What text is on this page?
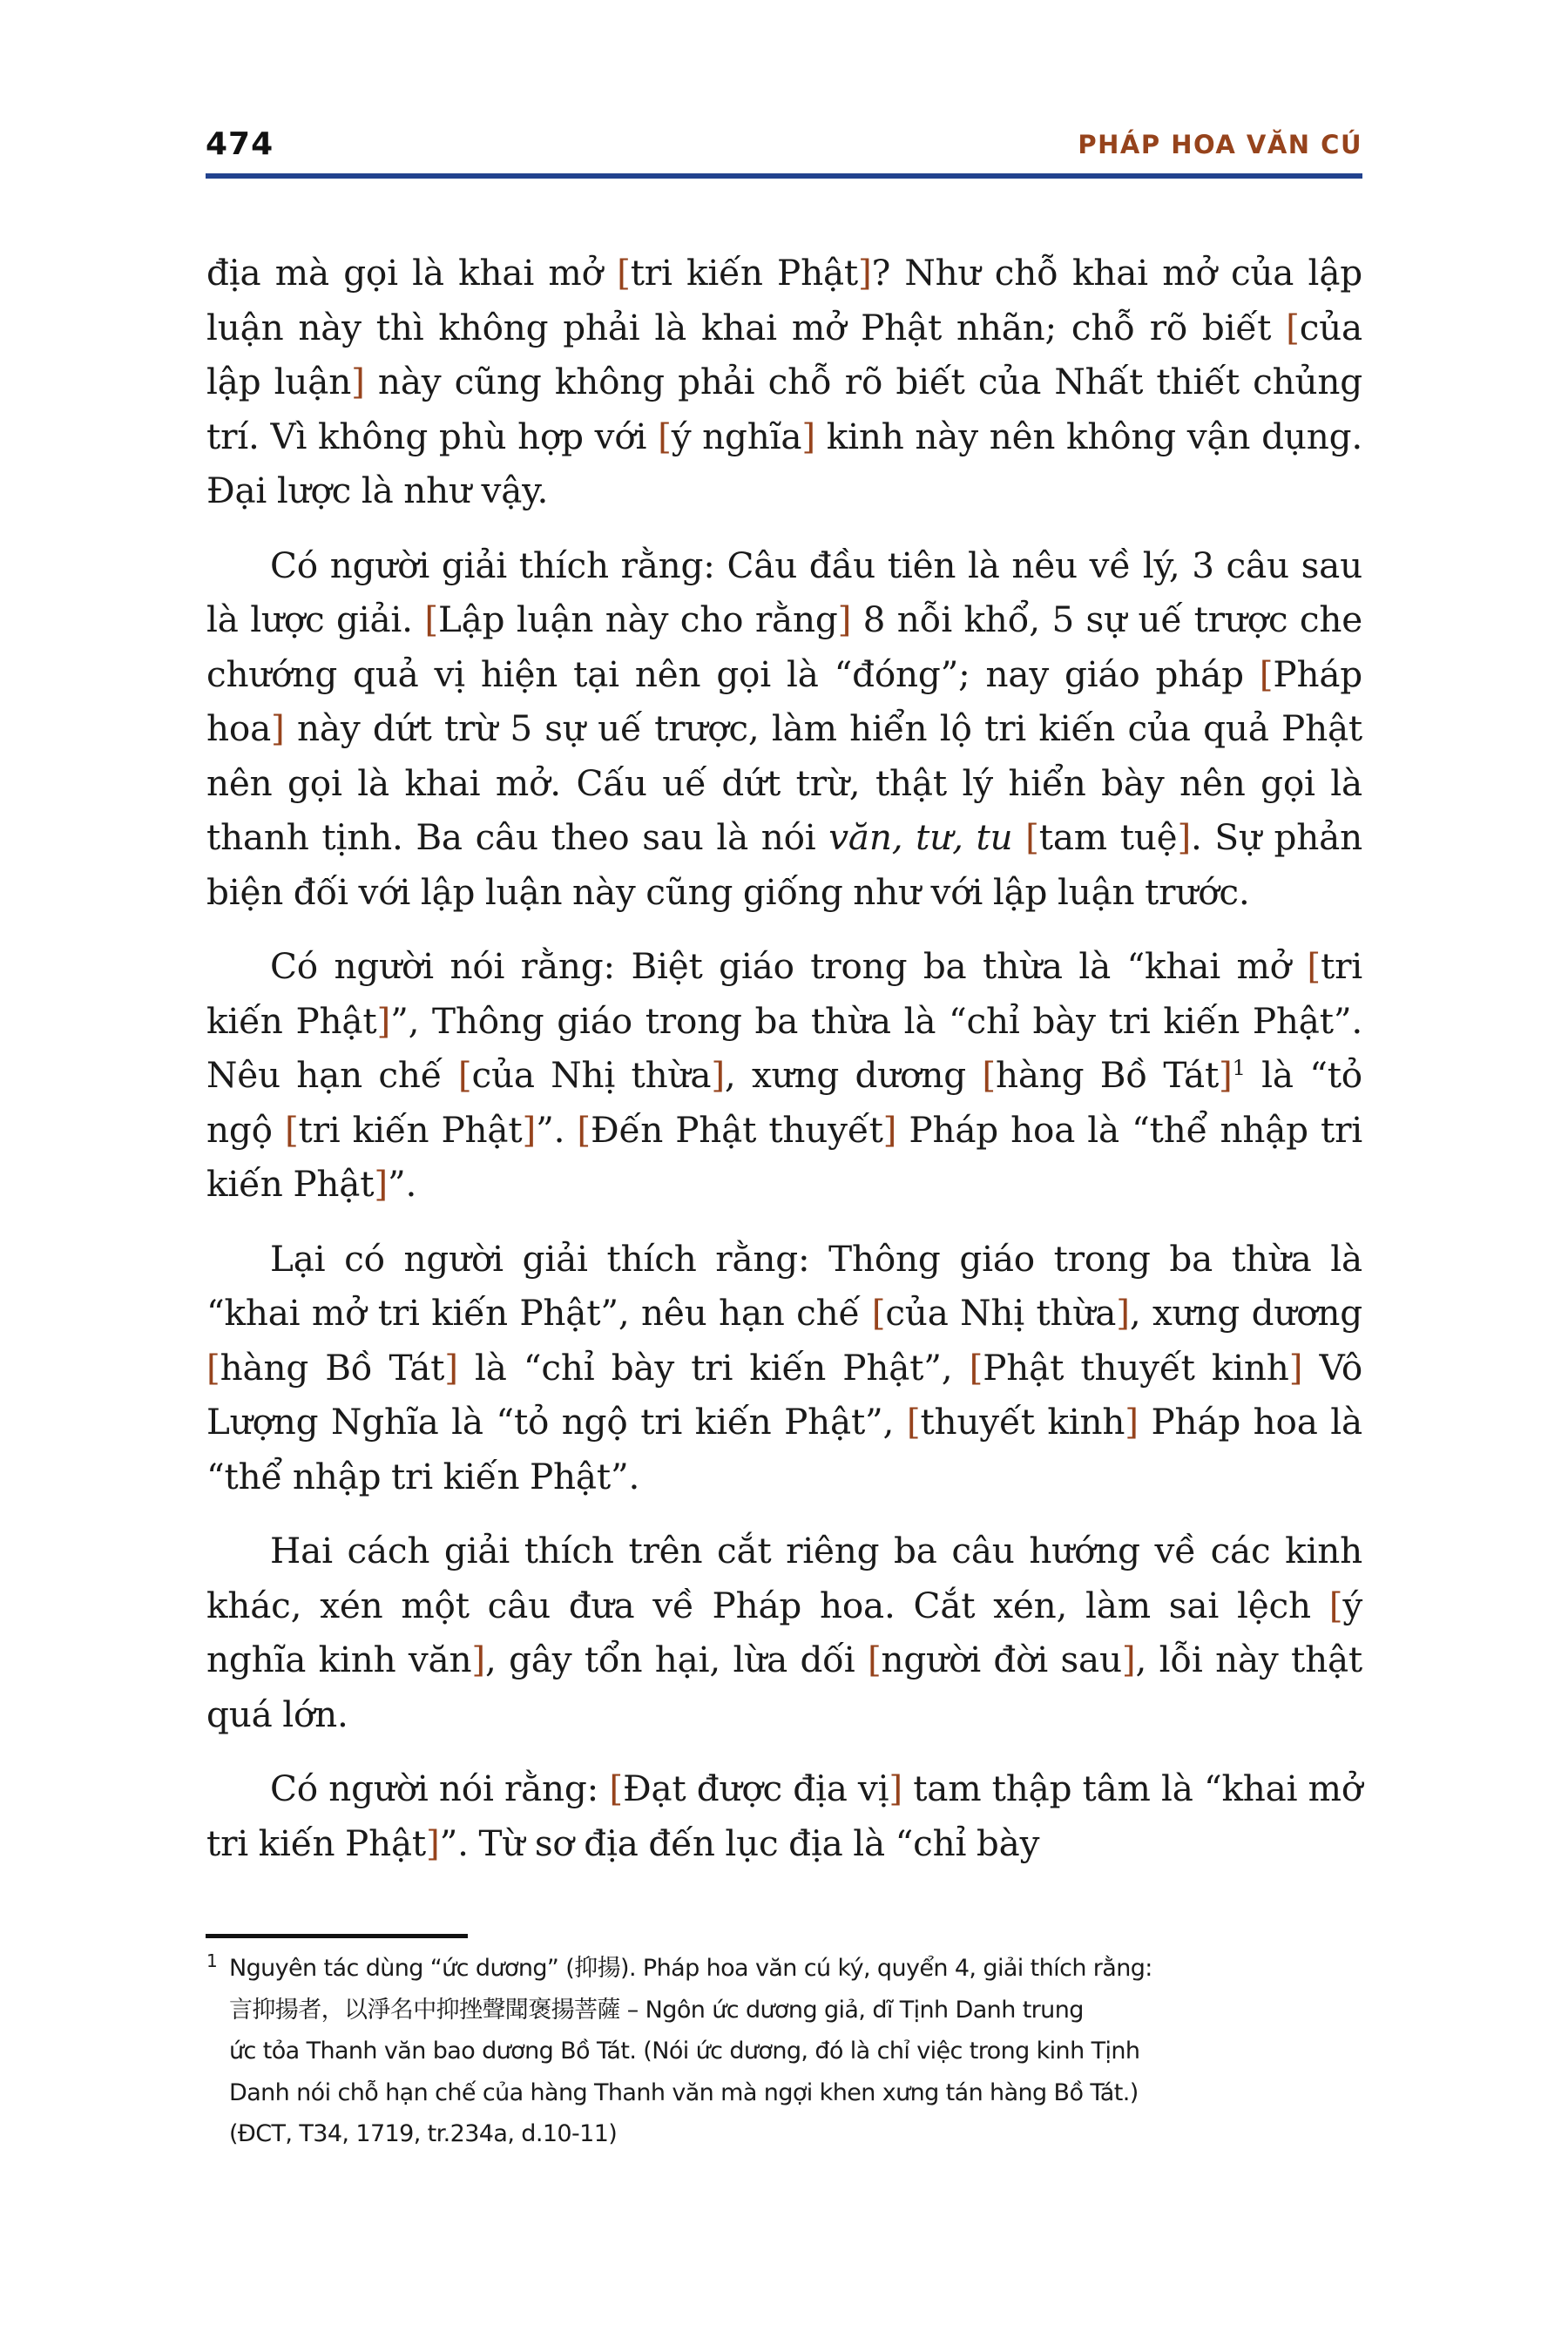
474	PHÁP HOA VĂN CÚ

địa mà gọi là khai mở [tri kiến Phật]? Như chỗ khai mở của lập luận này thì không phải là khai mở Phật nhãn; chỗ rõ biết [của lập luận] này cũng không phải chỗ rõ biết của Nhất thiết chủng trí. Vì không phù hợp với [ý nghĩa] kinh này nên không vận dụng. Đại lược là như vậy.

Có người giải thích rằng: Câu đầu tiên là nêu về lý, 3 câu sau là lược giải. [Lập luận này cho rằng] 8 nỗi khổ, 5 sự uế trược che chướng quả vị hiện tại nên gọi là “đóng”; nay giáo pháp [Pháp hoa] này dứt trừ 5 sự uế trược, làm hiển lộ tri kiến của quả Phật nên gọi là khai mở. Cấu uế dứt trừ, thật lý hiển bày nên gọi là thanh tịnh. Ba câu theo sau là nói văn, tư, tu [tam tuệ]. Sự phản biện đối với lập luận này cũng giống như với lập luận trước.

Có người nói rằng: Biệt giáo trong ba thừa là “khai mở [tri kiến Phật]”, Thông giáo trong ba thừa là “chỉ bày tri kiến Phật”. Nêu hạn chế [của Nhị thừa], xưng dương [hàng Bồ Tát]$^1$ là “tỏ ngộ [tri kiến Phật]”. [Đến Phật thuyết] Pháp hoa là “thể nhập tri kiến Phật]”.

Lại có người giải thích rằng: Thông giáo trong ba thừa là “khai mở tri kiến Phật”, nêu hạn chế [của Nhị thừa], xưng dương [hàng Bồ Tát] là “chỉ bày tri kiến Phật”, [Phật thuyết kinh] Vô Lượng Nghĩa là “tỏ ngộ tri kiến Phật”, [thuyết kinh] Pháp hoa là “thể nhập tri kiến Phật”.

Hai cách giải thích trên cắt riêng ba câu hướng về các kinh khác, xén một câu đưa về Pháp hoa. Cắt xén, làm sai lệch [ý nghĩa kinh văn], gây tổn hại, lừa dối [người đời sau], lỗi này thật quá lớn.

Có người nói rằng: [Đạt được địa vị] tam thập tâm là “khai mở tri kiến Phật]”. Từ sơ địa đến lục địa là “chỉ bày

1 Nguyên tác dùng “ức dương” (抑揚). Pháp hoa văn cú ký, quyển 4, giải thích rằng:
言抑揚者，以淨名中抑挫聲聞褒揚菩薩 – Ngôn ức dương giả, dĩ Tịnh Danh trung
ức tỏa Thanh văn bao dương Bồ Tát. (Nói ức dương, đó là chỉ việc trong kinh Tịnh
Danh nói chỗ hạn chế của hàng Thanh văn mà ngợi khen xưng tán hàng Bồ Tát.)
(ĐCT, T34, 1719, tr.234a, d.10-11)
